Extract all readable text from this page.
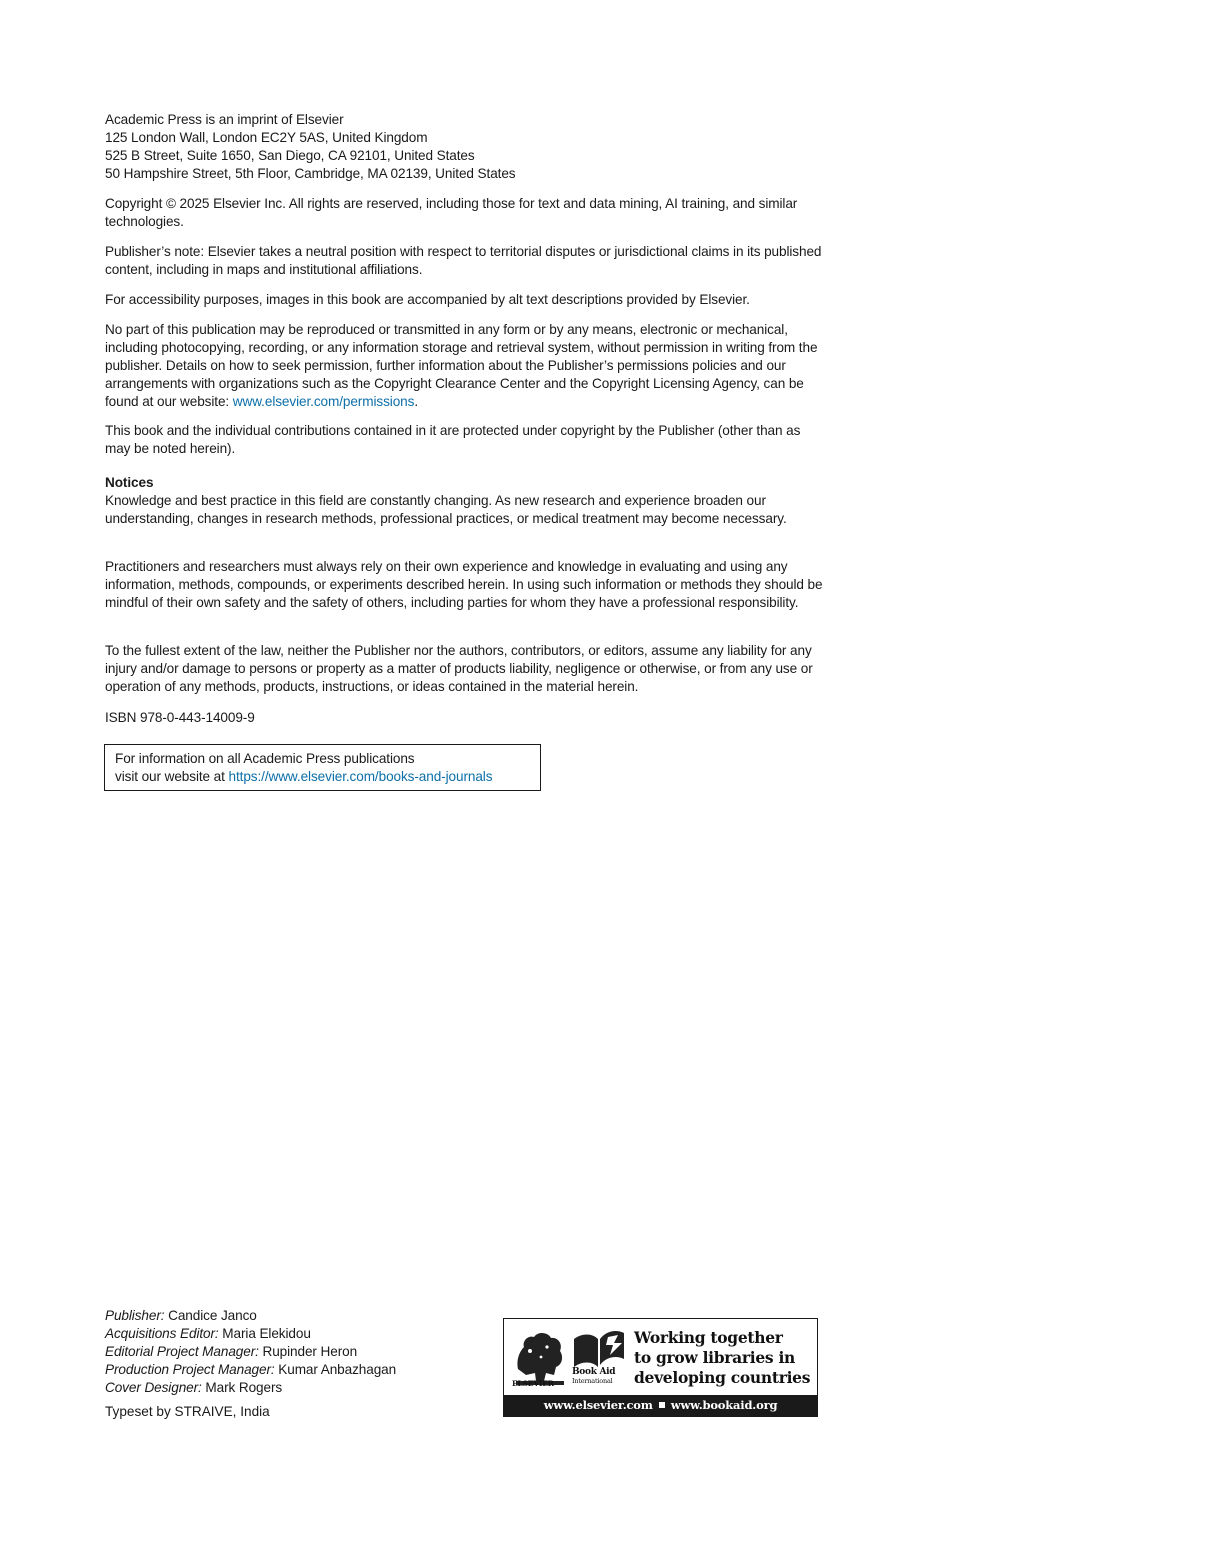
Academic Press is an imprint of Elsevier
125 London Wall, London EC2Y 5AS, United Kingdom
525 B Street, Suite 1650, San Diego, CA 92101, United States
50 Hampshire Street, 5th Floor, Cambridge, MA 02139, United States

Copyright © 2025 Elsevier Inc. All rights are reserved, including those for text and data mining, AI training, and similar technologies.

Publisher’s note: Elsevier takes a neutral position with respect to territorial disputes or jurisdictional claims in its published content, including in maps and institutional affiliations.

For accessibility purposes, images in this book are accompanied by alt text descriptions provided by Elsevier.

No part of this publication may be reproduced or transmitted in any form or by any means, electronic or mechanical, including photocopying, recording, or any information storage and retrieval system, without permission in writing from the publisher. Details on how to seek permission, further information about the Publisher’s permissions policies and our arrangements with organizations such as the Copyright Clearance Center and the Copyright Licensing Agency, can be found at our website: www.elsevier.com/permissions.

This book and the individual contributions contained in it are protected under copyright by the Publisher (other than as may be noted herein).

Notices

Knowledge and best practice in this field are constantly changing. As new research and experience broaden our understanding, changes in research methods, professional practices, or medical treatment may become necessary.

Practitioners and researchers must always rely on their own experience and knowledge in evaluating and using any information, methods, compounds, or experiments described herein. In using such information or methods they should be mindful of their own safety and the safety of others, including parties for whom they have a professional responsibility.

To the fullest extent of the law, neither the Publisher nor the authors, contributors, or editors, assume any liability for any injury and/or damage to persons or property as a matter of products liability, negligence or otherwise, or from any use or operation of any methods, products, instructions, or ideas contained in the material herein.

ISBN 978-0-443-14009-9

For information on all Academic Press publications
visit our website at https://www.elsevier.com/books-and-journals
Publisher: Candice Janco
Acquisitions Editor: Maria Elekidou
Editorial Project Manager: Rupinder Heron
Production Project Manager: Kumar Anbazhagan
Cover Designer: Mark Rogers
Typeset by STRAIVE, India
ELSEVIER
Book Aid
International
Working together
to grow libraries in
developing countries
www.elsevier.com www.bookaid.org
